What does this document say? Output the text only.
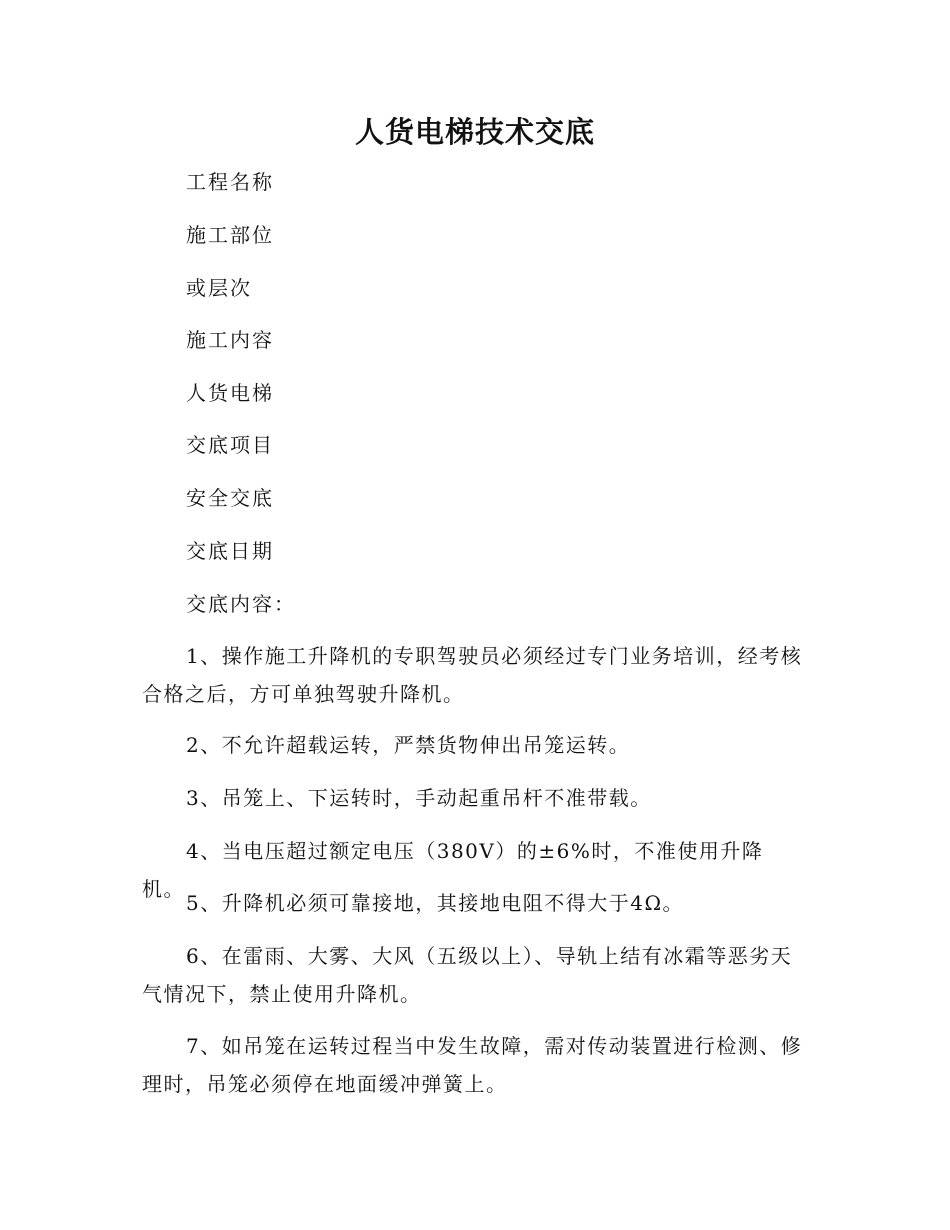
人货电梯技术交底
工程名称
施工部位
或层次
施工内容
人货电梯
交底项目
安全交底
交底日期
交底内容：

1、操作施工升降机的专职驾驶员必须经过专门业务培训，经考核合格之后，方可单独驾驶升降机。

2、不允许超载运转，严禁货物伸出吊笼运转。

3、吊笼上、下运转时，手动起重吊杆不准带载。

4、当电压超过额定电压（380V）的±6%时，不准使用升降机。

5、升降机必须可靠接地，其接地电阻不得大于4Ω。

6、在雷雨、大雾、大风（五级以上）、导轨上结有冰霜等恶劣天气情况下，禁止使用升降机。

7、如吊笼在运转过程当中发生故障，需对传动装置进行检测、修理时，吊笼必须停在地面缓冲弹簧上。
